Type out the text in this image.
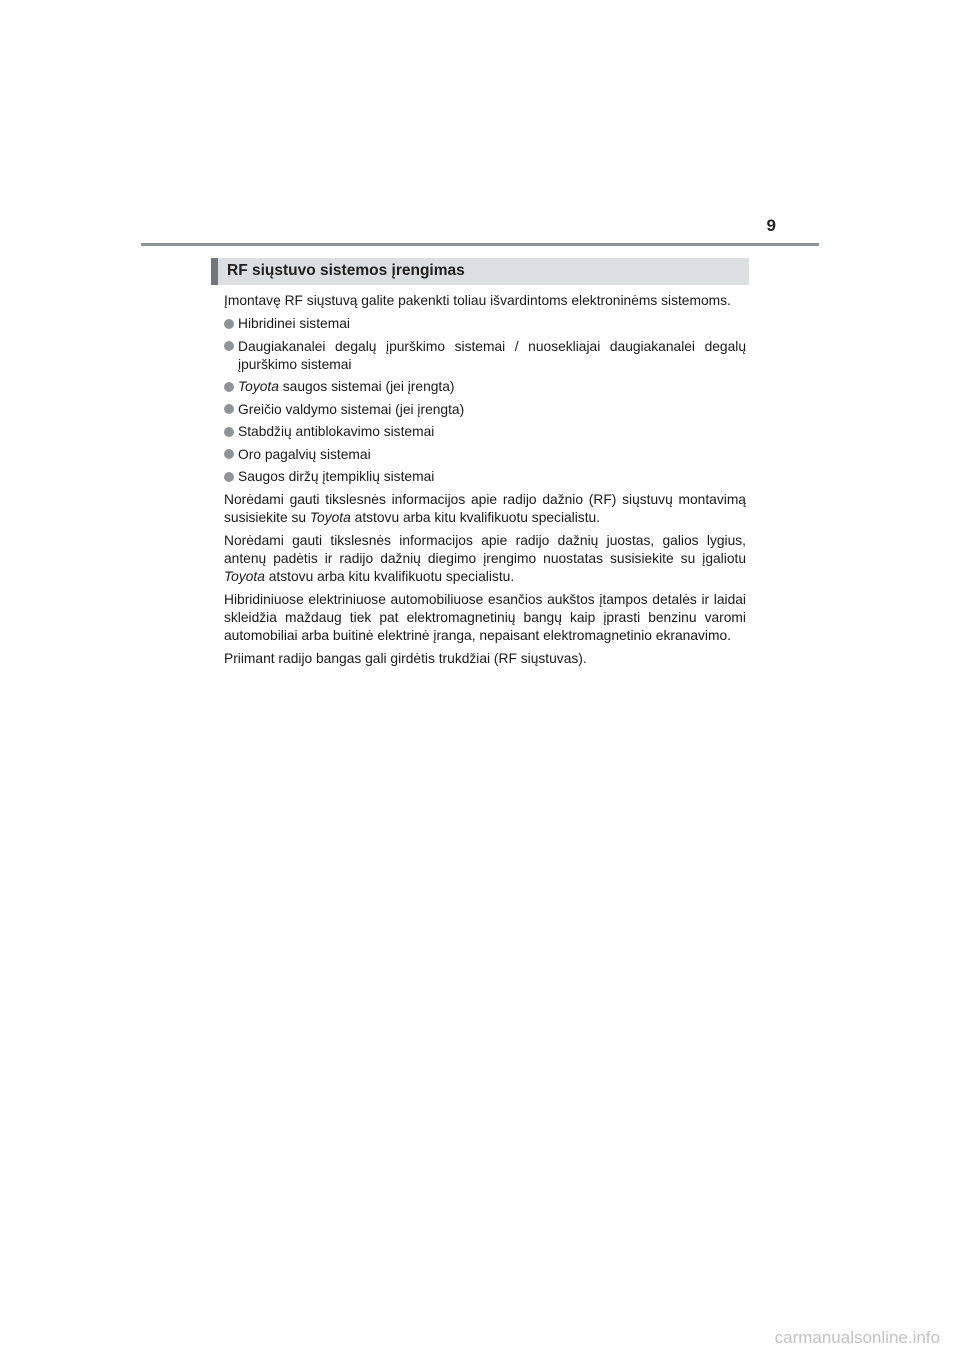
9
RF siųstuvo sistemos įrengimas

Įmontavę RF siųstuvą galite pakenkti toliau išvardintoms elektroninėms sistemoms.

Hibridinei sistemai
Daugiakanalei degalų įpurškimo sistemai / nuosekliajai daugiakanalei degalų įpurškimo sistemai
Toyota saugos sistemai (jei įrengta)
Greičio valdymo sistemai (jei įrengta)
Stabdžių antiblokavimo sistemai
Oro pagalvių sistemai
Saugos diržų įtempiklių sistemai

Norėdami gauti tikslesnės informacijos apie radijo dažnio (RF) siųstuvų montavimą susisiekite su Toyota atstovu arba kitu kvalifikuotu specialistu.

Norėdami gauti tikslesnės informacijos apie radijo dažnių juostas, galios lygius, antenų padėtis ir radijo dažnių diegimo įrengimo nuostatas susisiekite su įgaliotu Toyota atstovu arba kitu kvalifikuotu specialistu.

Hibridiniuose elektriniuose automobiliuose esančios aukštos įtampos detalės ir laidai skleidžia maždaug tiek pat elektromagnetinių bangų kaip įprasti benzinu varomi automobiliai arba buitinė elektrinė įranga, nepaisant elektromagnetinio ekranavimo.

Priimant radijo bangas gali girdėtis trukdžiai (RF siųstuvas).

carmanualsonline.info
